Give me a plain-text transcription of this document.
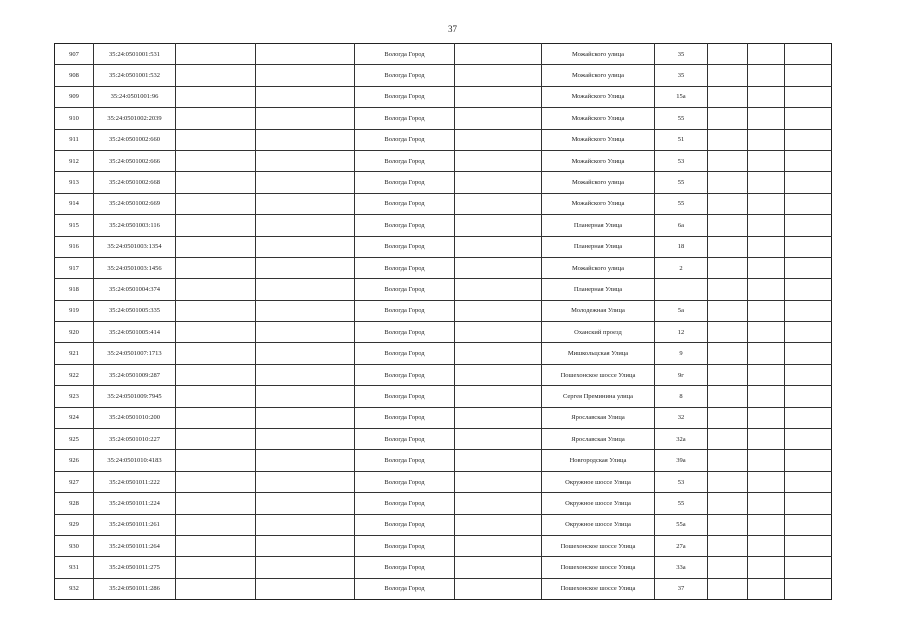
37
907	35:24:0501001:531			Вологда Город		Можайского улица	35			
908	35:24:0501001:532			Вологда Город		Можайского улица	35			
909	35:24:0501001:96			Вологда Город		Можайского Улица	15а			
910	35:24:0501002:2039			Вологда Город		Можайского Улица	55			
911	35:24:0501002:660			Вологда Город		Можайского Улица	51			
912	35:24:0501002:666			Вологда Город		Можайского Улица	53			
913	35:24:0501002:668			Вологда Город		Можайского улица	55			
914	35:24:0501002:669			Вологда Город		Можайского Улица	55			
915	35:24:0501003:116			Вологда Город		Планерная Улица	6а			
916	35:24:0501003:1354			Вологда Город		Планерная Улица	18			
917	35:24:0501003:1456			Вологда Город		Можайского улица	2			
918	35:24:0501004:374			Вологда Город		Планерная Улица				
919	35:24:0501005:335			Вологда Город		Молодежная Улица	5а			
920	35:24:0501005:414			Вологда Город		Оханский проезд	12			
921	35:24:0501007:1713			Вологда Город		Мишкольцская Улица	9			
922	35:24:0501009:287			Вологда Город		Пошехонское шоссе Улица	9г			
923	35:24:0501009:7945			Вологда Город		Сергея Преминина улица	8			
924	35:24:0501010:200			Вологда Город		Ярославская Улица	32			
925	35:24:0501010:227			Вологда Город		Ярославская Улица	32а			
926	35:24:0501010:4183			Вологда Город		Новгородская Улица	39а			
927	35:24:0501011:222			Вологда Город		Окружное шоссе Улица	53			
928	35:24:0501011:224			Вологда Город		Окружное шоссе Улица	55			
929	35:24:0501011:261			Вологда Город		Окружное шоссе Улица	55а			
930	35:24:0501011:264			Вологда Город		Пошехонское шоссе Улица	27а			
931	35:24:0501011:275			Вологда Город		Пошехонское шоссе Улица	33а			
932	35:24:0501011:286			Вологда Город		Пошехонское шоссе Улица	37			
